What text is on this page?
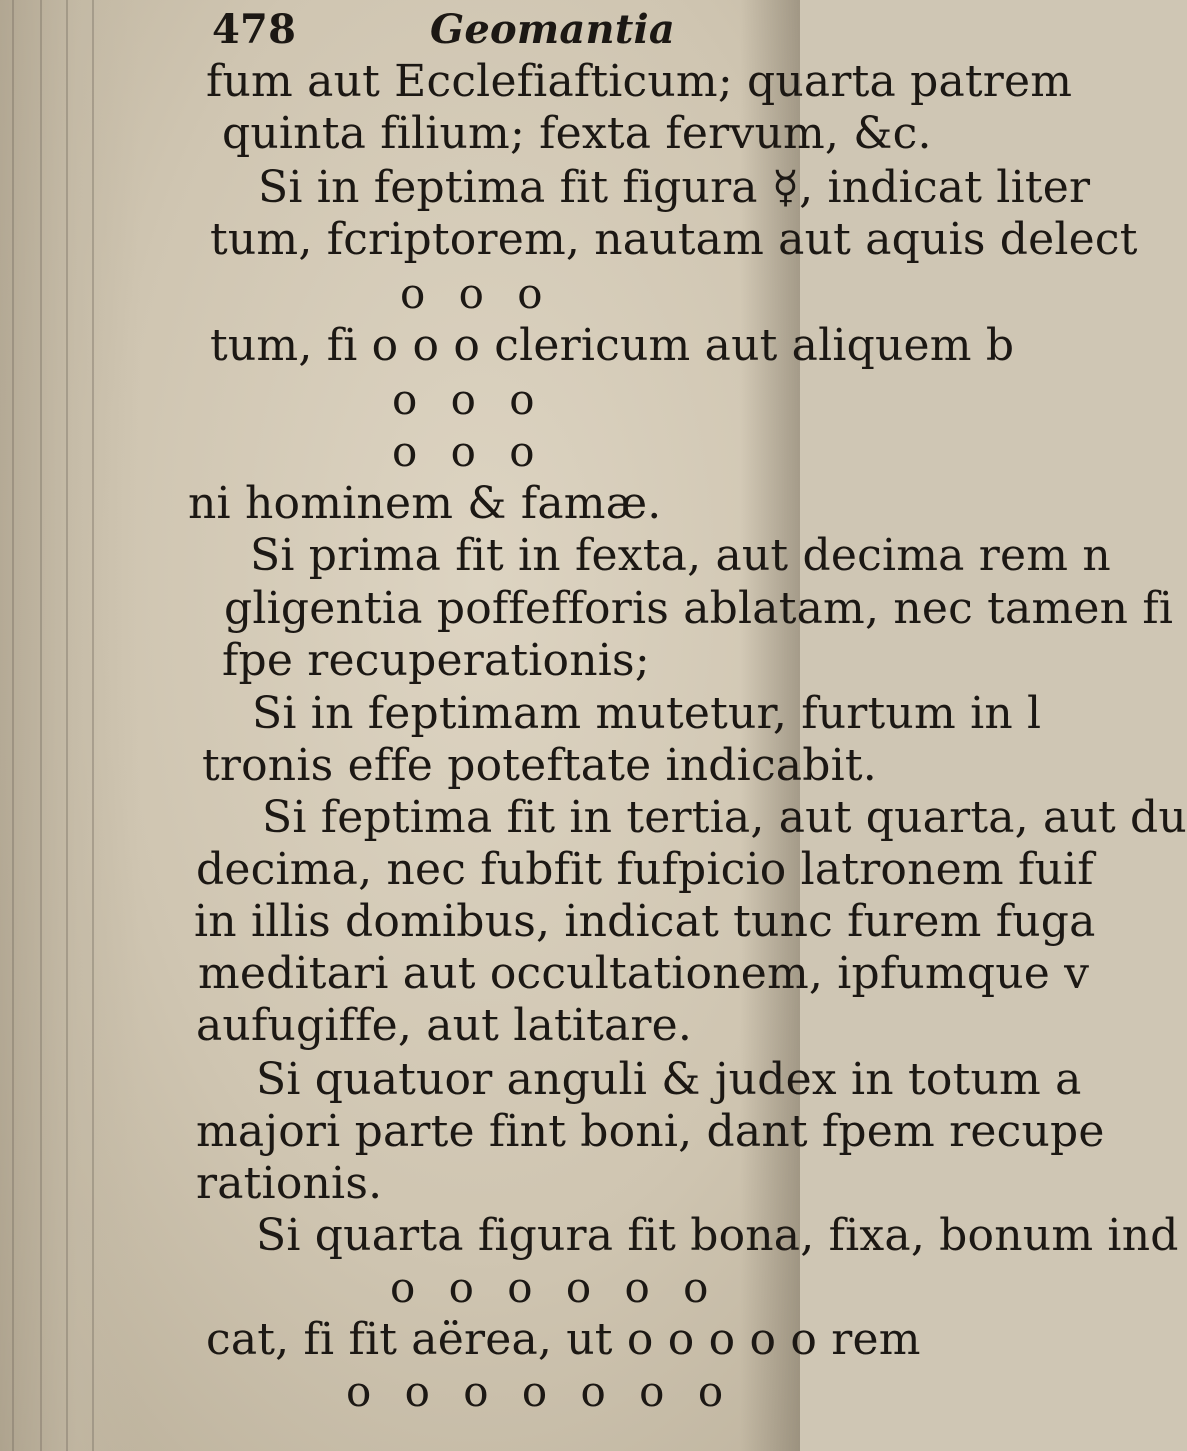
478	Geomantia
fum aut Ecclefiafticum; quarta patrem
quinta filium; fexta fervum, &c.
Si in feptima fit figura ☿, indicat liter
tum, fcriptorem, nautam aut aquis delect
o o o
tum, fi o o o clericum aut aliquem b
o o o
o o o
ni hominem & famæ.
Si prima fit in fexta, aut decima rem n
gligentia poffefforis ablatam, nec tamen fi
fpe recuperationis;
Si in feptimam mutetur, furtum in l
tronis effe poteftate indicabit.
Si feptima fit in tertia, aut quarta, aut du
decima, nec fubfit fufpicio latronem fuif
in illis domibus, indicat tunc furem fuga
meditari aut occultationem, ipfumque v
aufugiffe, aut latitare.
Si quatuor anguli & judex in totum a
majori parte fint boni, dant fpem recupe
rationis.
Si quarta figura fit bona, fixa, bonum ind
o o o o o o
cat, fi fit aërea, ut o o o o o rem
o o o o o o o
